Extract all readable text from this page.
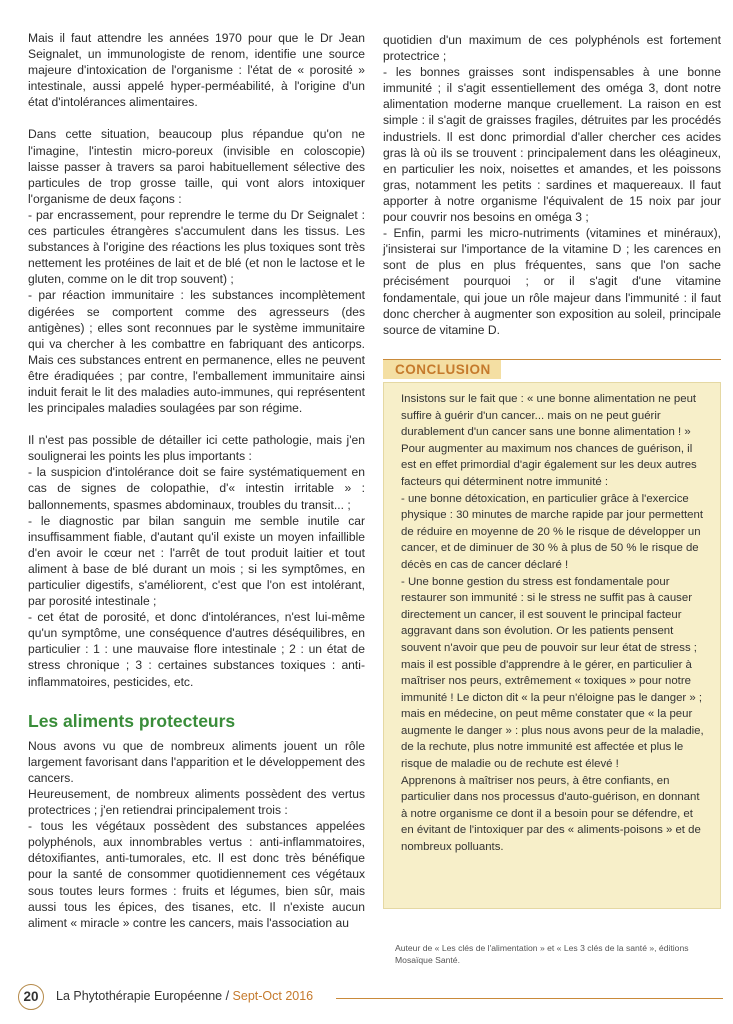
Mais il faut attendre les années 1970 pour que le Dr Jean Seignalet, un immunologiste de renom, identifie une source majeure d'intoxication de l'organisme : l'état de « porosité » intestinale, aussi appelé hyper-perméabilité, à l'origine d'un état d'intolérances alimentaires.

Dans cette situation, beaucoup plus répandue qu'on ne l'imagine, l'intestin micro-poreux (invisible en coloscopie) laisse passer à travers sa paroi habituellement sélective des particules de trop grosse taille, qui vont alors intoxiquer l'organisme de deux façons :

- par encrassement, pour reprendre le terme du Dr Seignalet : ces particules étrangères s'accumulent dans les tissus. Les substances à l'origine des réactions les plus toxiques sont très nettement les protéines de lait et de blé (et non le lactose et le gluten, comme on le dit trop souvent) ;

- par réaction immunitaire : les substances incomplètement digérées se comportent comme des agresseurs (des antigènes) ; elles sont reconnues par le système immunitaire qui va chercher à les combattre en fabriquant des anticorps. Mais ces substances entrent en permanence, elles ne peuvent être éradiquées ; par contre, l'emballement immunitaire ainsi induit ferait le lit des maladies auto-immunes, qui représentent les principales maladies soulagées par son régime.

Il n'est pas possible de détailler ici cette pathologie, mais j'en soulignerai les points les plus importants :

- la suspicion d'intolérance doit se faire systématiquement en cas de signes de colopathie, d'« intestin irritable » : ballonnements, spasmes abdominaux, troubles du transit... ;

- le diagnostic par bilan sanguin me semble inutile car insuffisamment fiable, d'autant qu'il existe un moyen infaillible d'en avoir le cœur net : l'arrêt de tout produit laitier et tout aliment à base de blé durant un mois ; si les symptômes, en particulier digestifs, s'améliorent, c'est que l'on est intolérant, par porosité intestinale ;

- cet état de porosité, et donc d'intolérances, n'est lui-même qu'un symptôme, une conséquence d'autres déséquilibres, en particulier : 1 : une mauvaise flore intestinale ; 2 : un état de stress chronique ; 3 : certaines substances toxiques : anti-inflammatoires, pesticides, etc.

Les aliments protecteurs

Nous avons vu que de nombreux aliments jouent un rôle largement favorisant dans l'apparition et le développement des cancers.

Heureusement, de nombreux aliments possèdent des vertus protectrices ; j'en retiendrai principalement trois :

- tous les végétaux possèdent des substances appelées polyphénols, aux innombrables vertus : anti-inflammatoires, détoxifiantes, anti-tumorales, etc. Il est donc très bénéfique pour la santé de consommer quotidiennement ces végétaux sous toutes leurs formes : fruits et légumes, bien sûr, mais aussi tous les épices, des tisanes, etc. Il n'existe aucun aliment « miracle » contre les cancers, mais l'association au

quotidien d'un maximum de ces polyphénols est fortement protectrice ;

- les bonnes graisses sont indispensables à une bonne immunité ; il s'agit essentiellement des oméga 3, dont notre alimentation moderne manque cruellement. La raison en est simple : il s'agit de graisses fragiles, détruites par les procédés industriels. Il est donc primordial d'aller chercher ces acides gras là où ils se trouvent : principalement dans les oléagineux, en particulier les noix, noisettes et amandes, et les poissons gras, notamment les petits : sardines et maquereaux. Il faut apporter à notre organisme l'équivalent de 15 noix par jour pour couvrir nos besoins en oméga 3 ;

- Enfin, parmi les micro-nutriments (vitamines et minéraux), j'insisterai sur l'importance de la vitamine D ; les carences en sont de plus en plus fréquentes, sans que l'on sache précisément pourquoi ; or il s'agit d'une vitamine fondamentale, qui joue un rôle majeur dans l'immunité : il faut donc chercher à augmenter son exposition au soleil, principale source de vitamine D.

CONCLUSION

Insistons sur le fait que : « une bonne alimentation ne peut suffire à guérir d'un cancer... mais on ne peut guérir durablement d'un cancer sans une bonne alimentation ! »

Pour augmenter au maximum nos chances de guérison, il est en effet primordial d'agir également sur les deux autres facteurs qui déterminent notre immunité :

- une bonne détoxication, en particulier grâce à l'exercice physique : 30 minutes de marche rapide par jour permettent de réduire en moyenne de 20 % le risque de développer un cancer, et de diminuer de 30 % à plus de 50 % le risque de décès en cas de cancer déclaré !

- Une bonne gestion du stress est fondamentale pour restaurer son immunité : si le stress ne suffit pas à causer directement un cancer, il est souvent le principal facteur aggravant dans son évolution. Or les patients pensent souvent n'avoir que peu de pouvoir sur leur état de stress ; mais il est possible d'apprendre à le gérer, en particulier à maîtriser nos peurs, extrêmement « toxiques » pour notre immunité ! Le dicton dit « la peur n'éloigne pas le danger » ; mais en médecine, on peut même constater que « la peur augmente le danger » : plus nous avons peur de la maladie, de la rechute, plus notre immunité est affectée et plus le risque de maladie ou de rechute est élevé !

Apprenons à maîtriser nos peurs, à être confiants, en particulier dans nos processus d'auto-guérison, en donnant à notre organisme ce dont il a besoin pour se défendre, et en évitant de l'intoxiquer par des « aliments-poisons » et de nombreux polluants.

Auteur de « Les clés de l'alimentation » et « Les 3 clés de la santé », éditions Mosaïque Santé.
20	La Phytothérapie Européenne / Sept-Oct 2016
